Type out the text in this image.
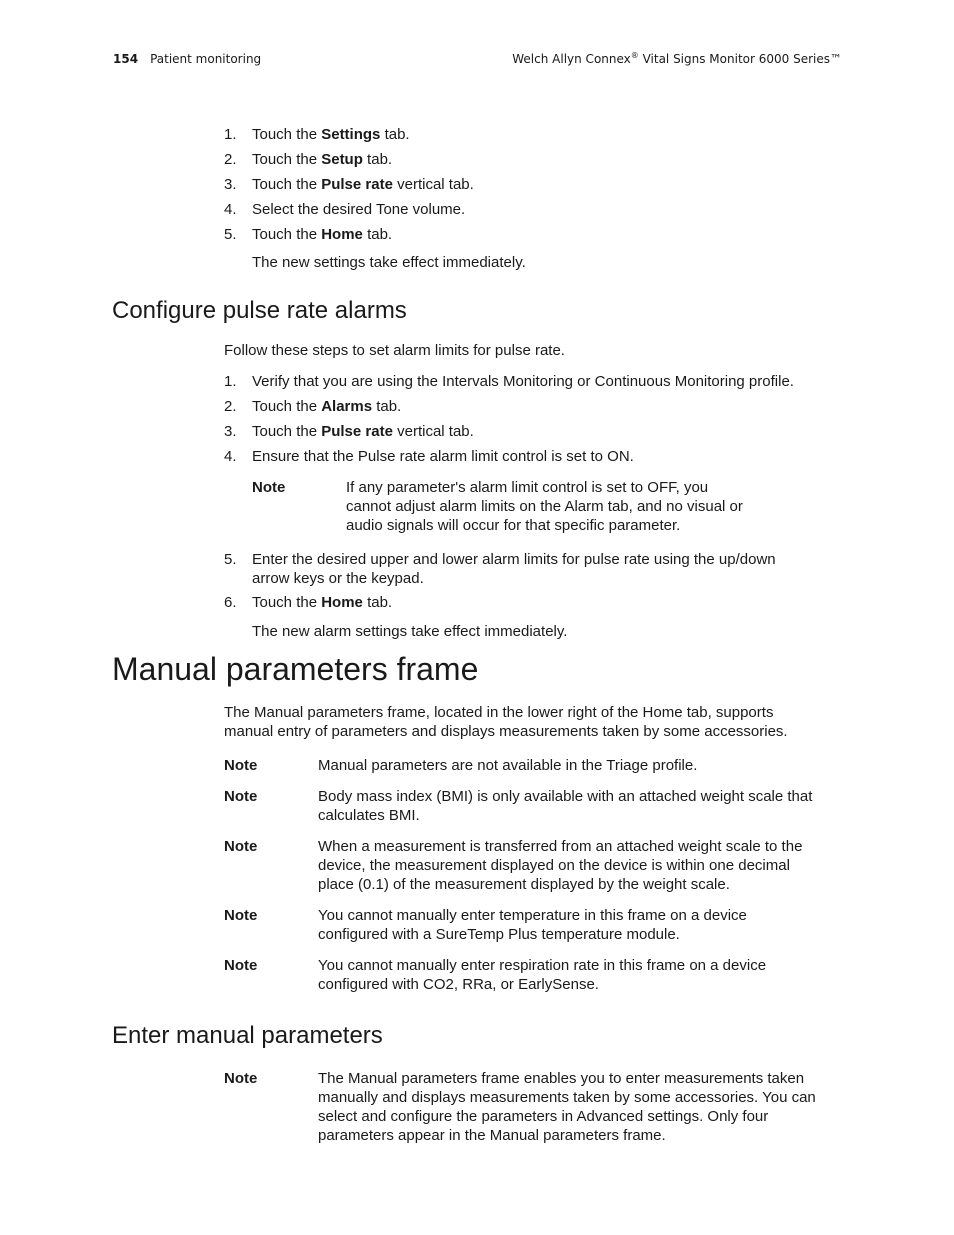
154 Patient monitoring	Welch Allyn Connex® Vital Signs Monitor 6000 Series™
1. Touch the Settings tab.
2. Touch the Setup tab.
3. Touch the Pulse rate vertical tab.
4. Select the desired Tone volume.
5. Touch the Home tab.
The new settings take effect immediately.
Configure pulse rate alarms
Follow these steps to set alarm limits for pulse rate.
1. Verify that you are using the Intervals Monitoring or Continuous Monitoring profile.
2. Touch the Alarms tab.
3. Touch the Pulse rate vertical tab.
4. Ensure that the Pulse rate alarm limit control is set to ON.
Note	If any parameter's alarm limit control is set to OFF, you
cannot adjust alarm limits on the Alarm tab, and no visual or
audio signals will occur for that specific parameter.
5. Enter the desired upper and lower alarm limits for pulse rate using the up/down
arrow keys or the keypad.
6. Touch the Home tab.
The new alarm settings take effect immediately.
Manual parameters frame
The Manual parameters frame, located in the lower right of the Home tab, supports
manual entry of parameters and displays measurements taken by some accessories.
Note	Manual parameters are not available in the Triage profile.
Note	Body mass index (BMI) is only available with an attached weight scale that
calculates BMI.
Note	When a measurement is transferred from an attached weight scale to the
device, the measurement displayed on the device is within one decimal
place (0.1) of the measurement displayed by the weight scale.
Note	You cannot manually enter temperature in this frame on a device
configured with a SureTemp Plus temperature module.
Note	You cannot manually enter respiration rate in this frame on a device
configured with CO2, RRa, or EarlySense.
Enter manual parameters
Note	The Manual parameters frame enables you to enter measurements taken
manually and displays measurements taken by some accessories. You can
select and configure the parameters in Advanced settings. Only four
parameters appear in the Manual parameters frame.
